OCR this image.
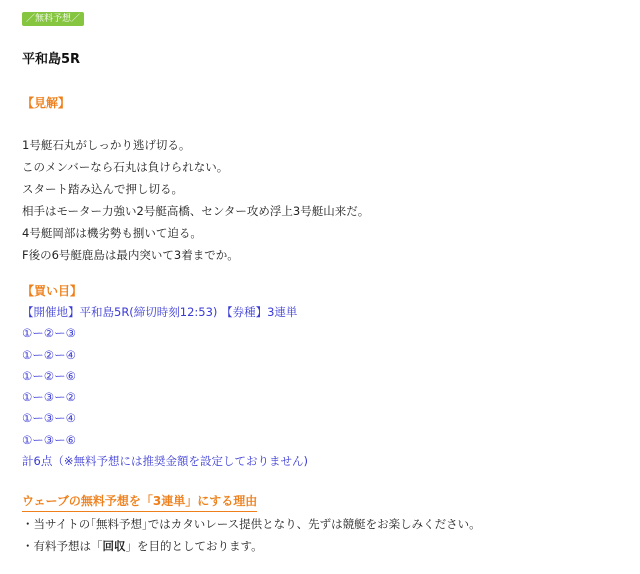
／無料予想／
平和島5R
【見解】
1号艇石丸がしっかり逃げ切る。
このメンバーなら石丸は負けられない。
スタート踏み込んで押し切る。
相手はモーター力強い2号艇高橋、センター攻め浮上3号艇山来だ。
4号艇岡部は機劣勢も捌いて迫る。
F後の6号艇鹿島は最内突いて3着までか。
【買い目】
【開催地】平和島5R(締切時刻12:53) 【券種】3連単
①ー②ー③
①ー②ー④
①ー②ー⑥
①ー③ー②
①ー③ー④
①ー③ー⑥
計6点（※無料予想には推奨金額を設定しておりません)
ウェーブの無料予想を「3連単」にする理由
・当サイトの｢無料予想｣ではカタいレース提供となり、先ずは競艇をお楽しみください。
・有料予想は「回収」を目的としております。
